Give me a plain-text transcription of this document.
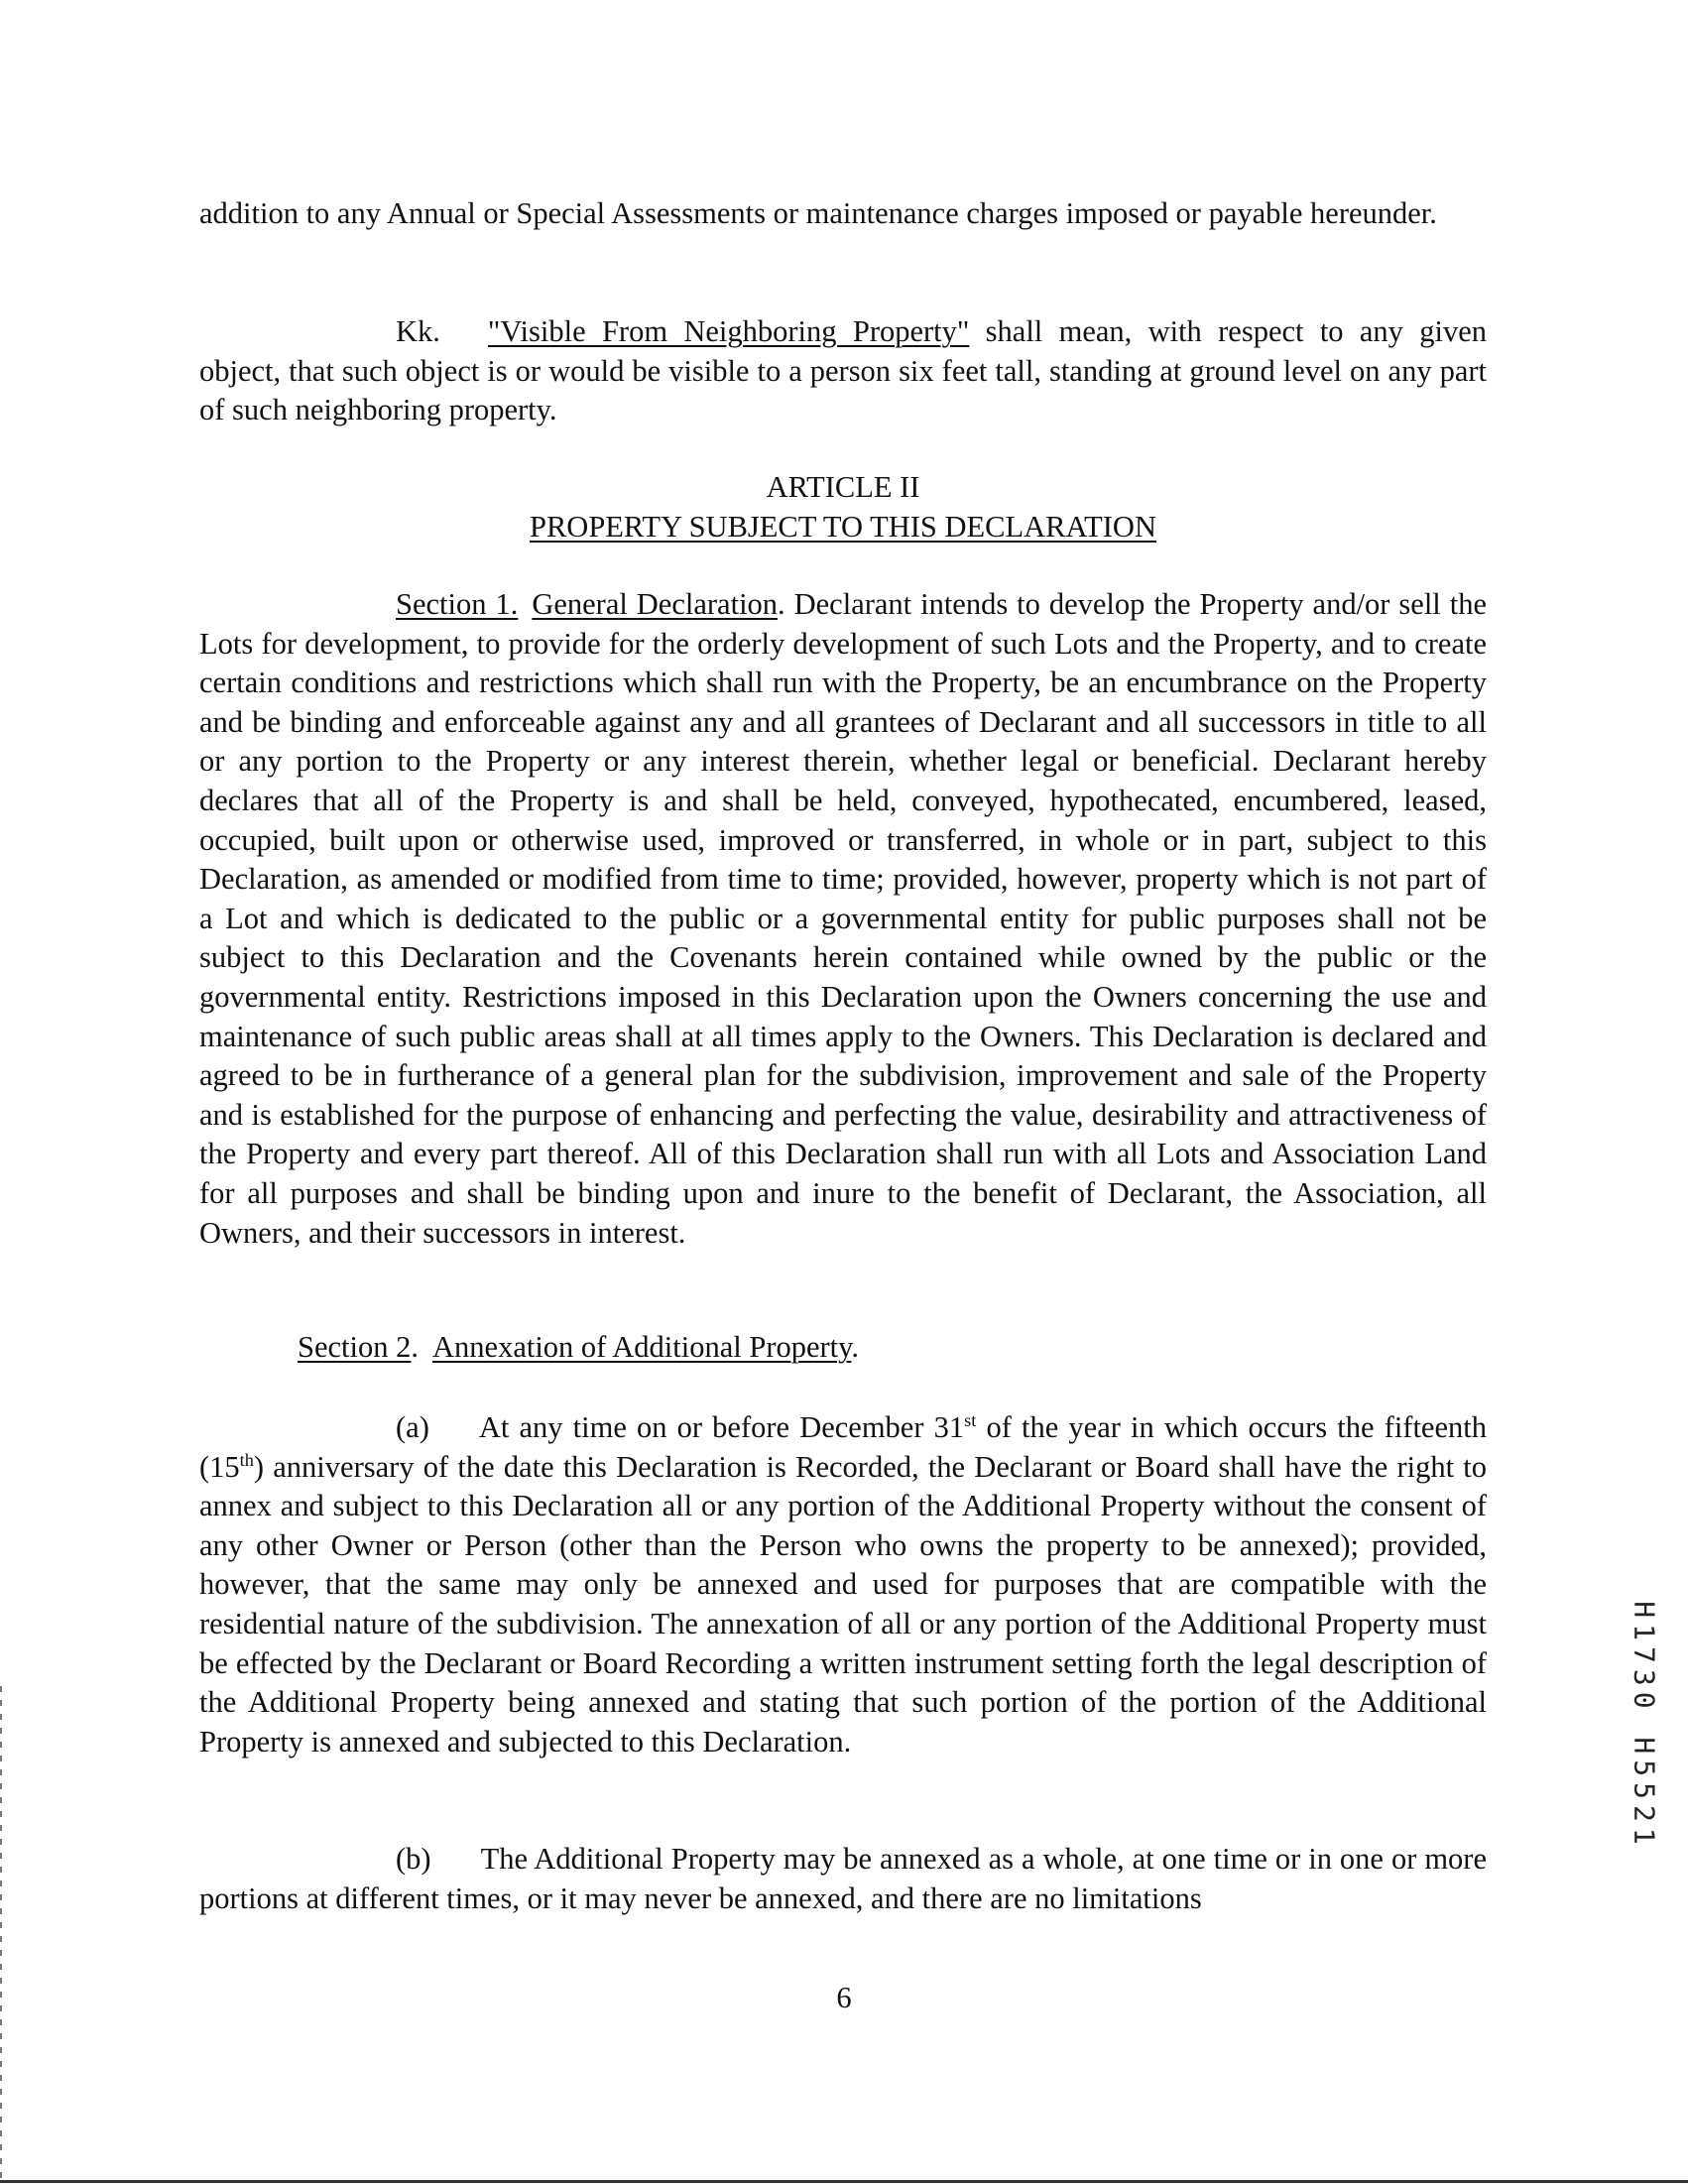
addition to any Annual or Special Assessments or maintenance charges imposed or payable hereunder.

Kk. "Visible From Neighboring Property" shall mean, with respect to any given object, that such object is or would be visible to a person six feet tall, standing at ground level on any part of such neighboring property.

ARTICLE II
PROPERTY SUBJECT TO THIS DECLARATION

Section 1. General Declaration. Declarant intends to develop the Property and/or sell the Lots for development, to provide for the orderly development of such Lots and the Property, and to create certain conditions and restrictions which shall run with the Property, be an encumbrance on the Property and be binding and enforceable against any and all grantees of Declarant and all successors in title to all or any portion to the Property or any interest therein, whether legal or beneficial. Declarant hereby declares that all of the Property is and shall be held, conveyed, hypothecated, encumbered, leased, occupied, built upon or otherwise used, improved or transferred, in whole or in part, subject to this Declaration, as amended or modified from time to time; provided, however, property which is not part of a Lot and which is dedicated to the public or a governmental entity for public purposes shall not be subject to this Declaration and the Covenants herein contained while owned by the public or the governmental entity. Restrictions imposed in this Declaration upon the Owners concerning the use and maintenance of such public areas shall at all times apply to the Owners. This Declaration is declared and agreed to be in furtherance of a general plan for the subdivision, improvement and sale of the Property and is established for the purpose of enhancing and perfecting the value, desirability and attractiveness of the Property and every part thereof. All of this Declaration shall run with all Lots and Association Land for all purposes and shall be binding upon and inure to the benefit of Declarant, the Association, all Owners, and their successors in interest.

Section 2. Annexation of Additional Property.

(a) At any time on or before December 31st of the year in which occurs the fifteenth (15th) anniversary of the date this Declaration is Recorded, the Declarant or Board shall have the right to annex and subject to this Declaration all or any portion of the Additional Property without the consent of any other Owner or Person (other than the Person who owns the property to be annexed); provided, however, that the same may only be annexed and used for purposes that are compatible with the residential nature of the subdivision. The annexation of all or any portion of the Additional Property must be effected by the Declarant or Board Recording a written instrument setting forth the legal description of the Additional Property being annexed and stating that such portion of the portion of the Additional Property is annexed and subjected to this Declaration.

(b) The Additional Property may be annexed as a whole, at one time or in one or more portions at different times, or it may never be annexed, and there are no limitations

6
H1730 H5521
